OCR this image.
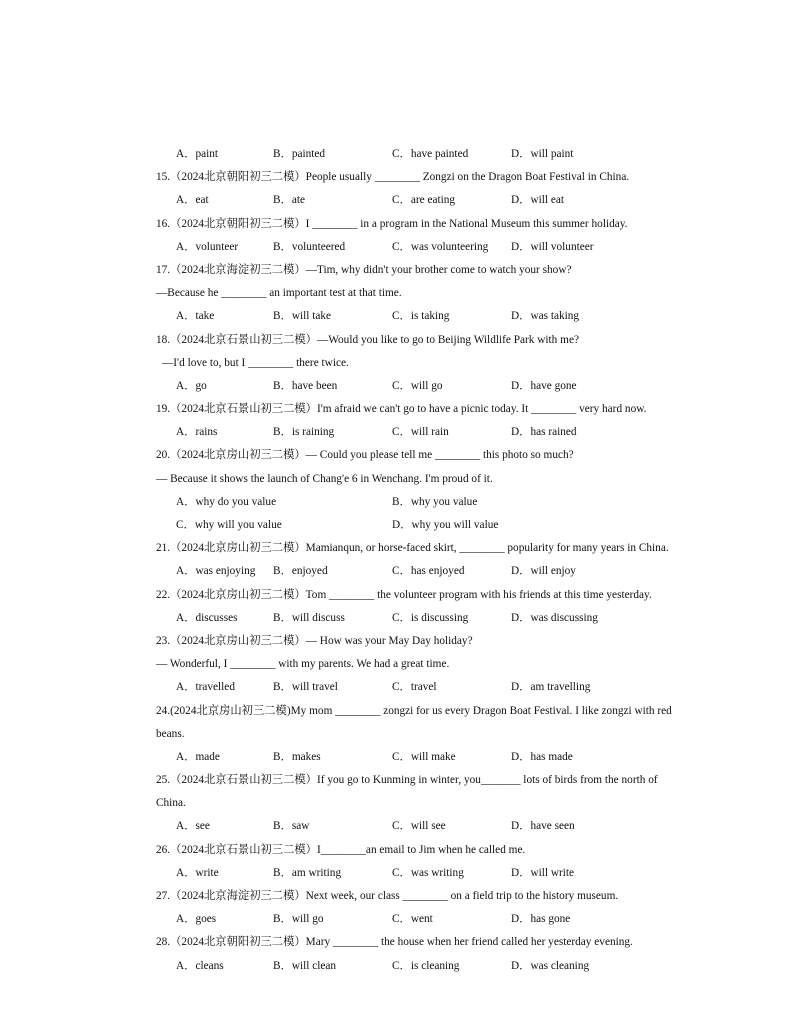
A．paint	B．painted	C．have painted	D．will paint
15.（2024北京朝阳初三二模）People usually ________ Zongzi on the Dragon Boat Festival in China.
A．eat	B．ate	C．are eating	D．will eat
16.（2024北京朝阳初三二模）I ________ in a program in the National Museum this summer holiday.
A．volunteer	B．volunteered	C．was volunteering D．will volunteer
17.（2024北京海淀初三二模）—Tim, why didn't your brother come to watch your show?
—Because he ________ an important test at that time.
A．take	B．will take	C．is taking	D．was taking
18.（2024北京石景山初三二模）—Would you like to go to Beijing Wildlife Park with me?
—I'd love to, but I ________ there twice.
A．go	B．have been	C．will go	D．have gone
19.（2024北京石景山初三二模）I'm afraid we can't go to have a picnic today. It ________ very hard now.
A．rains	B．is raining	C．will rain	D．has rained
20.（2024北京房山初三二模）— Could you please tell me ________ this photo so much?
— Because it shows the launch of Chang'e 6 in Wenchang. I'm proud of it.
A．why do you value	B．why you value
C．why will you value	D．why you will value
21.（2024北京房山初三二模）Mamianqun, or horse-faced skirt, ________ popularity for many years in China.
A．was enjoying B．enjoyed	C．has enjoyed	D．will enjoy
22.（2024北京房山初三二模）Tom ________ the volunteer program with his friends at this time yesterday.
A．discusses	B．will discuss	C．is discussing	D．was discussing
23.（2024北京房山初三二模）— How was your May Day holiday?
— Wonderful, I ________ with my parents. We had a great time.
A．travelled	B．will travel	C．travel	D．am travelling
24.(2024北京房山初三二模)My mom ________ zongzi for us every Dragon Boat Festival. I like zongzi with red
beans.
A．made	B．makes	C．will make	D．has made
25.（2024北京石景山初三二模）If you go to Kunming in winter, you_______ lots of birds from the north of
China.
A．see	B．saw	C．will see	D．have seen
26.（2024北京石景山初三二模）I________an email to Jim when he called me.
A．write	B．am writing	C．was writing	D．will write
27.（2024北京海淀初三二模）Next week, our class ________ on a field trip to the history museum.
A．goes	B．will go	C．went	D．has gone
28.（2024北京朝阳初三二模）Mary ________ the house when her friend called her yesterday evening.
A．cleans	B．will clean	C．is cleaning	D．was cleaning
